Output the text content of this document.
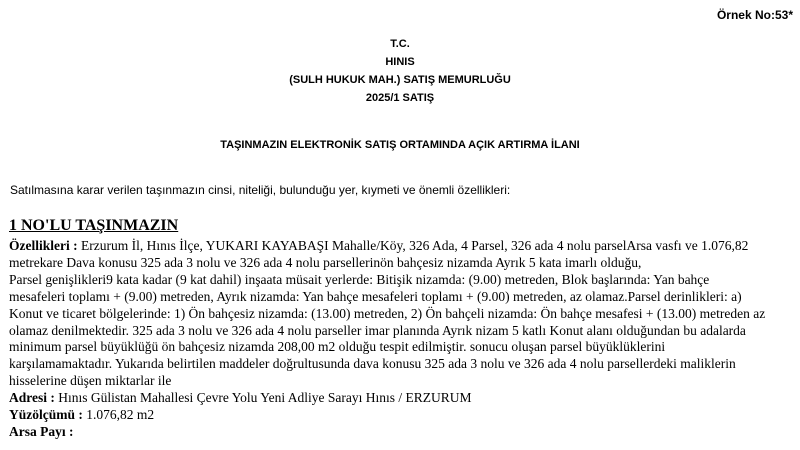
Örnek No:53*
T.C.
HINIS
(SULH HUKUK MAH.) SATIŞ MEMURLUĞU
2025/1 SATIŞ
TAŞINMAZIN ELEKTRONİK SATIŞ ORTAMINDA AÇIK ARTIRMA İLANI
Satılmasına karar verilen taşınmazın cinsi, niteliği, bulunduğu yer, kıymeti ve önemli özellikleri:
1 NO'LU TAŞINMAZIN
Özellikleri : Erzurum İl, Hınıs İlçe, YUKARI KAYABAŞI Mahalle/Köy, 326 Ada, 4 Parsel, 326 ada 4 nolu parselArsa vasfı ve 1.076,82
metrekare Dava konusu 325 ada 3 nolu ve 326 ada 4 nolu parsellerinön bahçesiz nizamda Ayrık 5 kata imarlı olduğu,
Parsel genişlikleri9 kata kadar (9 kat dahil) inşaata müsait yerlerde: Bitişik nizamda: (9.00) metreden, Blok başlarında: Yan bahçe
mesafeleri toplamı + (9.00) metreden, Ayrık nizamda: Yan bahçe mesafeleri toplamı + (9.00) metreden, az olamaz.Parsel derinlikleri: a)
Konut ve ticaret bölgelerinde: 1) Ön bahçesiz nizamda: (13.00) metreden, 2) Ön bahçeli nizamda: Ön bahçe mesafesi + (13.00) metreden az
olamaz denilmektedir. 325 ada 3 nolu ve 326 ada 4 nolu parseller imar planında Ayrık nizam 5 katlı Konut alanı olduğundan bu adalarda
minimum parsel büyüklüğü ön bahçesiz nizamda 208,00 m2 olduğu tespit edilmiştir. sonucu oluşan parsel büyüklüklerini
karşılamamaktadır. Yukarıda belirtilen maddeler doğrultusunda dava konusu 325 ada 3 nolu ve 326 ada 4 nolu parsellerdeki maliklerin
hisselerine düşen miktarlar ile
Adresi : Hınıs Gülistan Mahallesi Çevre Yolu Yeni Adliye Sarayı Hınıs / ERZURUM
Yüzölçümü : 1.076,82 m2
Arsa Payı :
